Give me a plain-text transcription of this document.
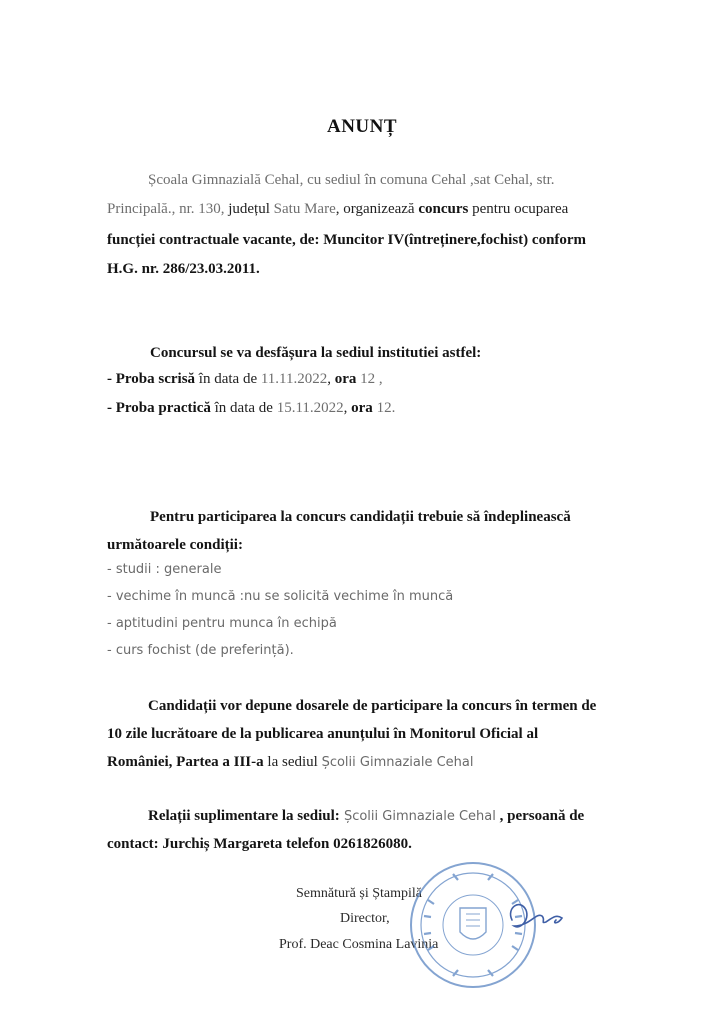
ANUNȚ
Școala Gimnazială Cehal, cu sediul în comuna Cehal ,sat Cehal, str.
Principală., nr. 130, județul Satu Mare, organizează concurs pentru ocuparea
funcției contractuale vacante, de: Muncitor IV(întreținere,fochist) conform
H.G. nr. 286/23.03.2011.
Concursul se va desfășura la sediul institutiei astfel:
- Proba scrisă în data de 11.11.2022, ora 12 ,
- Proba practică în data de 15.11.2022, ora 12.
Pentru participarea la concurs candidații trebuie să îndeplinească
următoarele condiții:
- studii : generale
- vechime în muncă :nu se solicită vechime în muncă
- aptitudini pentru munca în echipă
- curs fochist (de preferință).
Candidații vor depune dosarele de participare la concurs în termen de
10 zile lucrătoare de la publicarea anunțului în Monitorul Oficial al
României, Partea a III-a la sediul Școlii Gimnaziale Cehal
Relații suplimentare la sediul: Școlii Gimnaziale Cehal , persoană de
contact: Jurchiș Margareta telefon 0261826080.
Semnătură și Ștampilă
Director,
Prof. Deac Cosmina Lavinia
